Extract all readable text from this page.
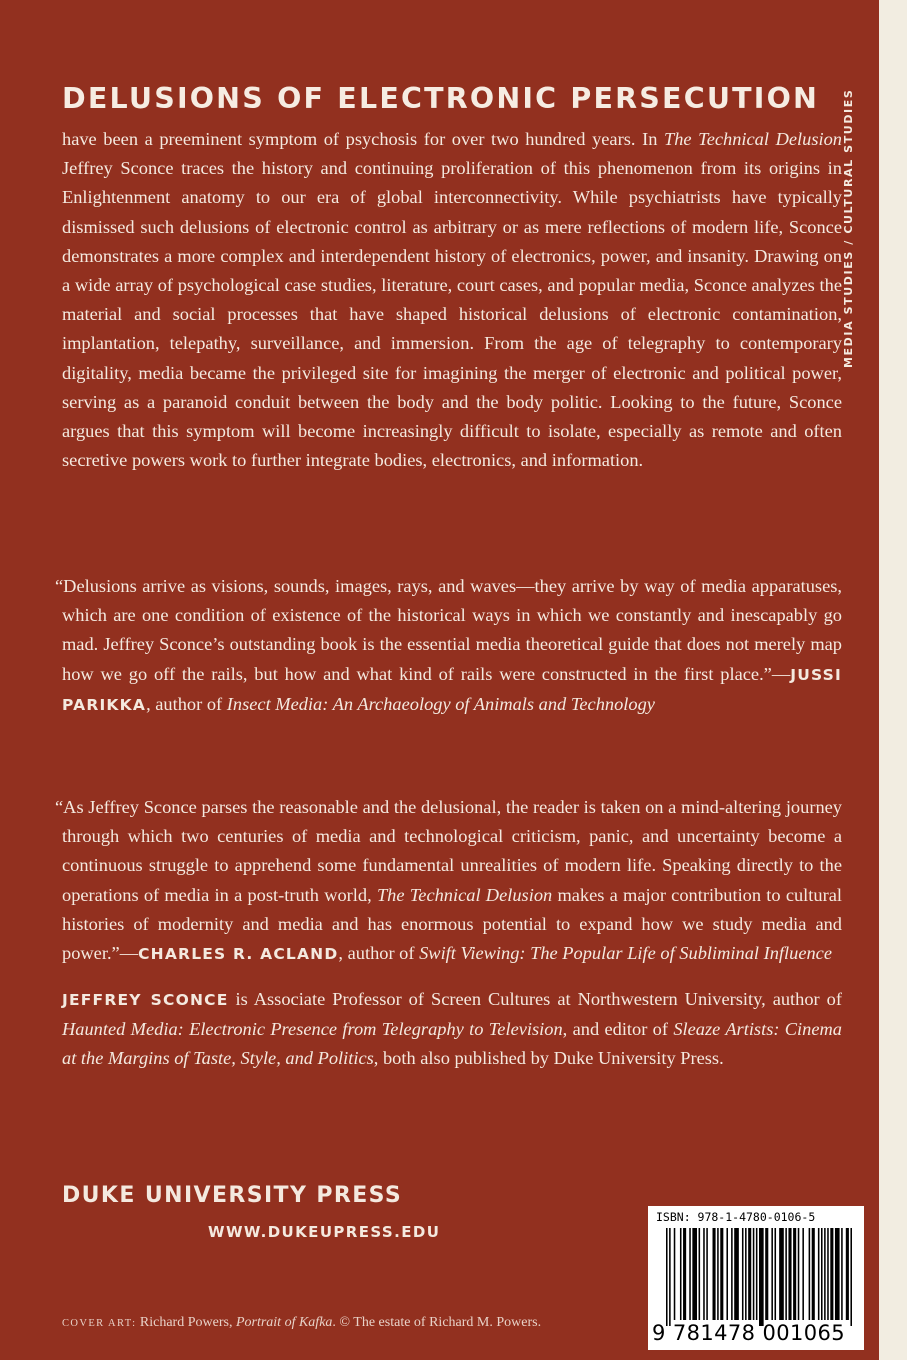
DELUSIONS OF ELECTRONIC PERSECUTION MEDIA STUDIES / CULTURAL STUDIES

have been a preeminent symptom of psychosis for over two hundred years. In The Technical Delusion Jeffrey Sconce traces the history and continuing proliferation of this phenomenon from its origins in Enlightenment anatomy to our era of global interconnectivity. While psychiatrists have typically dismissed such delusions of electronic control as arbitrary or as mere reflections of modern life, Sconce demonstrates a more complex and interdependent history of electronics, power, and insanity. Drawing on a wide array of psychological case studies, literature, court cases, and popular media, Sconce analyzes the material and social processes that have shaped historical delusions of electronic contamination, implantation, telepathy, surveillance, and immersion. From the age of telegraphy to contemporary digitality, media became the privileged site for imagining the merger of electronic and political power, serving as a paranoid conduit between the body and the body politic. Looking to the future, Sconce argues that this symptom will become increasingly difficult to isolate, especially as remote and often secretive powers work to further integrate bodies, electronics, and information.

“Delusions arrive as visions, sounds, images, rays, and waves—they arrive by way of media apparatuses, which are one condition of existence of the historical ways in which we constantly and inescapably go mad. Jeffrey Sconce’s outstanding book is the essential media theoretical guide that does not merely map how we go off the rails, but how and what kind of rails were constructed in the first place.”—JUSSI PARIKKA, author of Insect Media: An Archaeology of Animals and Technology

“As Jeffrey Sconce parses the reasonable and the delusional, the reader is taken on a mind-altering journey through which two centuries of media and technological criticism, panic, and uncertainty become a continuous struggle to apprehend some fundamental unrealities of modern life. Speaking directly to the operations of media in a post-truth world, The Technical Delusion makes a major contribution to cultural histories of modernity and media and has enormous potential to expand how we study media and power.”—CHARLES R. ACLAND, author of Swift Viewing: The Popular Life of Subliminal Influence

JEFFREY SCONCE is Associate Professor of Screen Cultures at Northwestern University, author of Haunted Media: Electronic Presence from Telegraphy to Television, and editor of Sleaze Artists: Cinema at the Margins of Taste, Style, and Politics, both also published by Duke University Press.

DUKE UNIVERSITY PRESS
WWW.DUKEUPRESS.EDU
COVER ART: Richard Powers, Portrait of Kafka. © The estate of Richard M. Powers.
ISBN: 978-1-4780-0106-5
9 781478 001065
